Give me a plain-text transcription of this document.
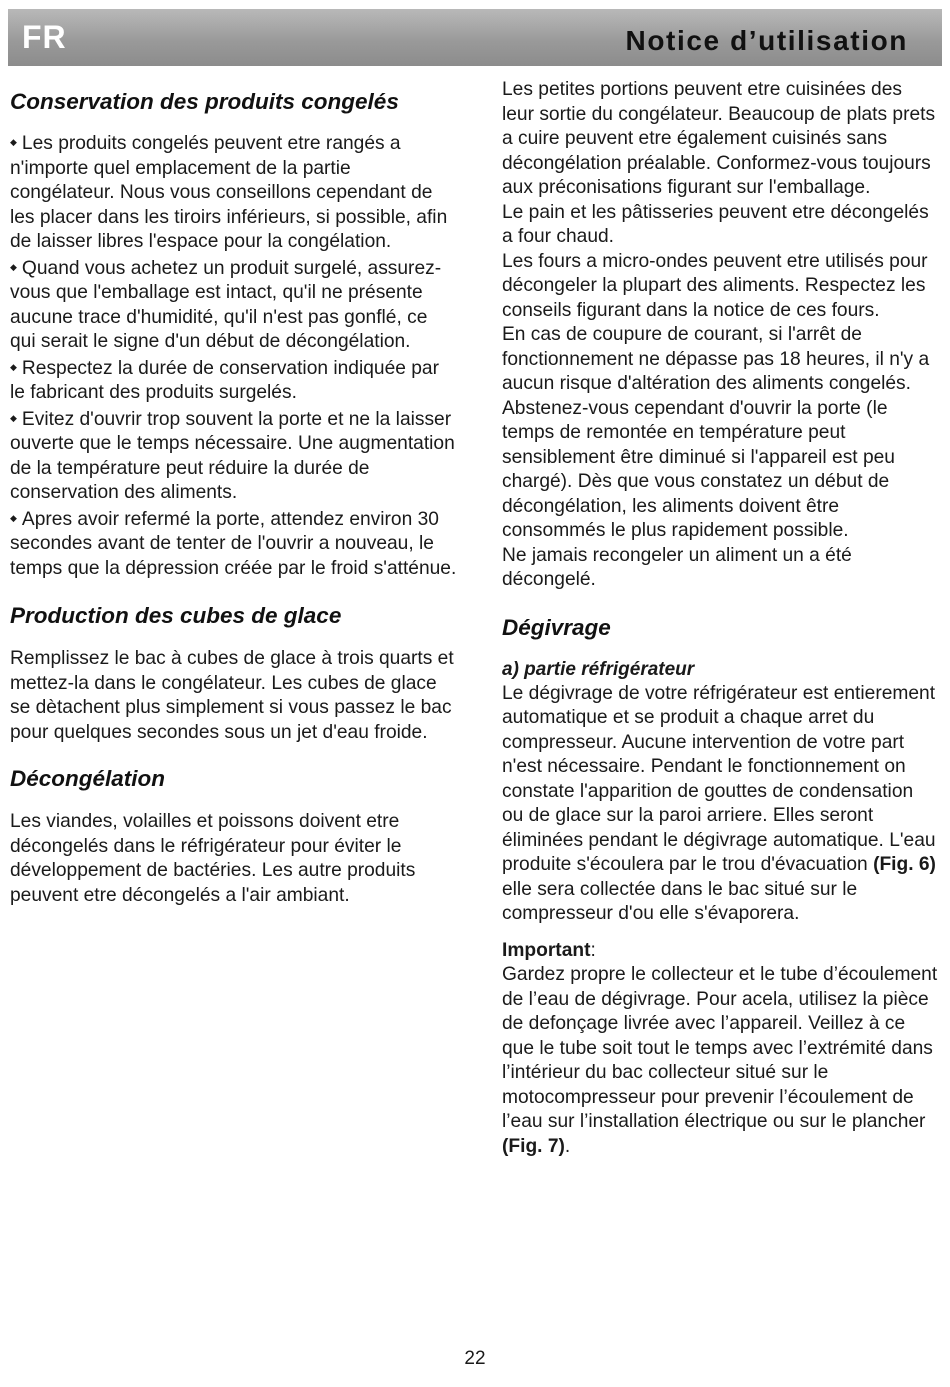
FR	Notice d’utilisation
Conservation des produits congelés

◆ Les produits congelés peuvent etre rangés a n'importe quel emplacement de la partie congélateur. Nous vous conseillons cependant de les placer dans les tiroirs inférieurs, si possible, afin de laisser libres l'espace pour la congélation.

◆ Quand vous achetez un produit surgelé, assurez-vous que l'emballage est intact, qu'il ne présente aucune trace d'humidité, qu'il n'est pas gonflé, ce qui serait le signe d'un début de décongélation.

◆ Respectez la durée de conservation indiquée par le fabricant des produits surgelés.

◆ Evitez d'ouvrir trop souvent la porte et ne la laisser ouverte que le temps nécessaire. Une augmentation de la température peut réduire la durée de conservation des aliments.

◆ Apres avoir refermé la porte, attendez environ 30 secondes avant de tenter de l'ouvrir a nouveau, le temps que la dépression créée par le froid s'atténue.

Production des cubes de glace

Remplissez le bac à cubes de glace à trois quarts et mettez-la dans le congélateur. Les cubes de glace se dètachent plus simplement si vous passez le bac pour quelques secondes sous un jet d'eau froide.

Décongélation

Les viandes, volailles et poissons doivent etre décongelés dans le réfrigérateur pour éviter le développement de bactéries. Les autre produits peuvent etre décongelés a l'air ambiant.

Les petites portions peuvent etre cuisinées des leur sortie du congélateur. Beaucoup de plats prets a cuire peuvent etre également cuisinés sans décongélation préalable. Conformez-vous toujours aux préconisations figurant sur l'emballage.

Le pain et les pâtisseries peuvent etre décongelés a four chaud.

Les fours a micro-ondes peuvent etre utilisés pour décongeler la plupart des aliments. Respectez les conseils figurant dans la notice de ces fours.

En cas de coupure de courant, si l'arrêt de fonctionnement ne dépasse pas 18 heures, il n'y a aucun risque d'altération des aliments congelés. Abstenez-vous cependant d'ouvrir la porte (le temps de remontée en température peut sensiblement être diminué si l'appareil est peu chargé). Dès que vous constatez un début de décongélation, les aliments doivent être consommés le plus rapidement possible.

Ne jamais recongeler un aliment un a été décongelé.

Dégivrage
a) partie réfrigérateur

Le dégivrage de votre réfrigérateur est entierement automatique et se produit a chaque arret du compresseur. Aucune intervention de votre part n'est nécessaire. Pendant le fonctionnement on constate l'apparition de gouttes de condensation ou de glace sur la paroi arriere. Elles seront éliminées pendant le dégivrage automatique. L'eau produite s'écoulera par le trou d'évacuation (Fig. 6) elle sera collectée dans le bac situé sur le compresseur d'ou elle s'évaporera.

Important:

Gardez propre le collecteur et le tube d’écoulement de l’eau de dégivrage. Pour acela, utilisez la pièce de defonçage livrée avec l’appareil. Veillez à ce que le tube soit tout le temps avec l’extrémité dans l’intérieur du bac collecteur situé sur le motocompresseur pour prevenir l’écoulement de l’eau sur l’installation électrique ou sur le plancher (Fig. 7).

22
